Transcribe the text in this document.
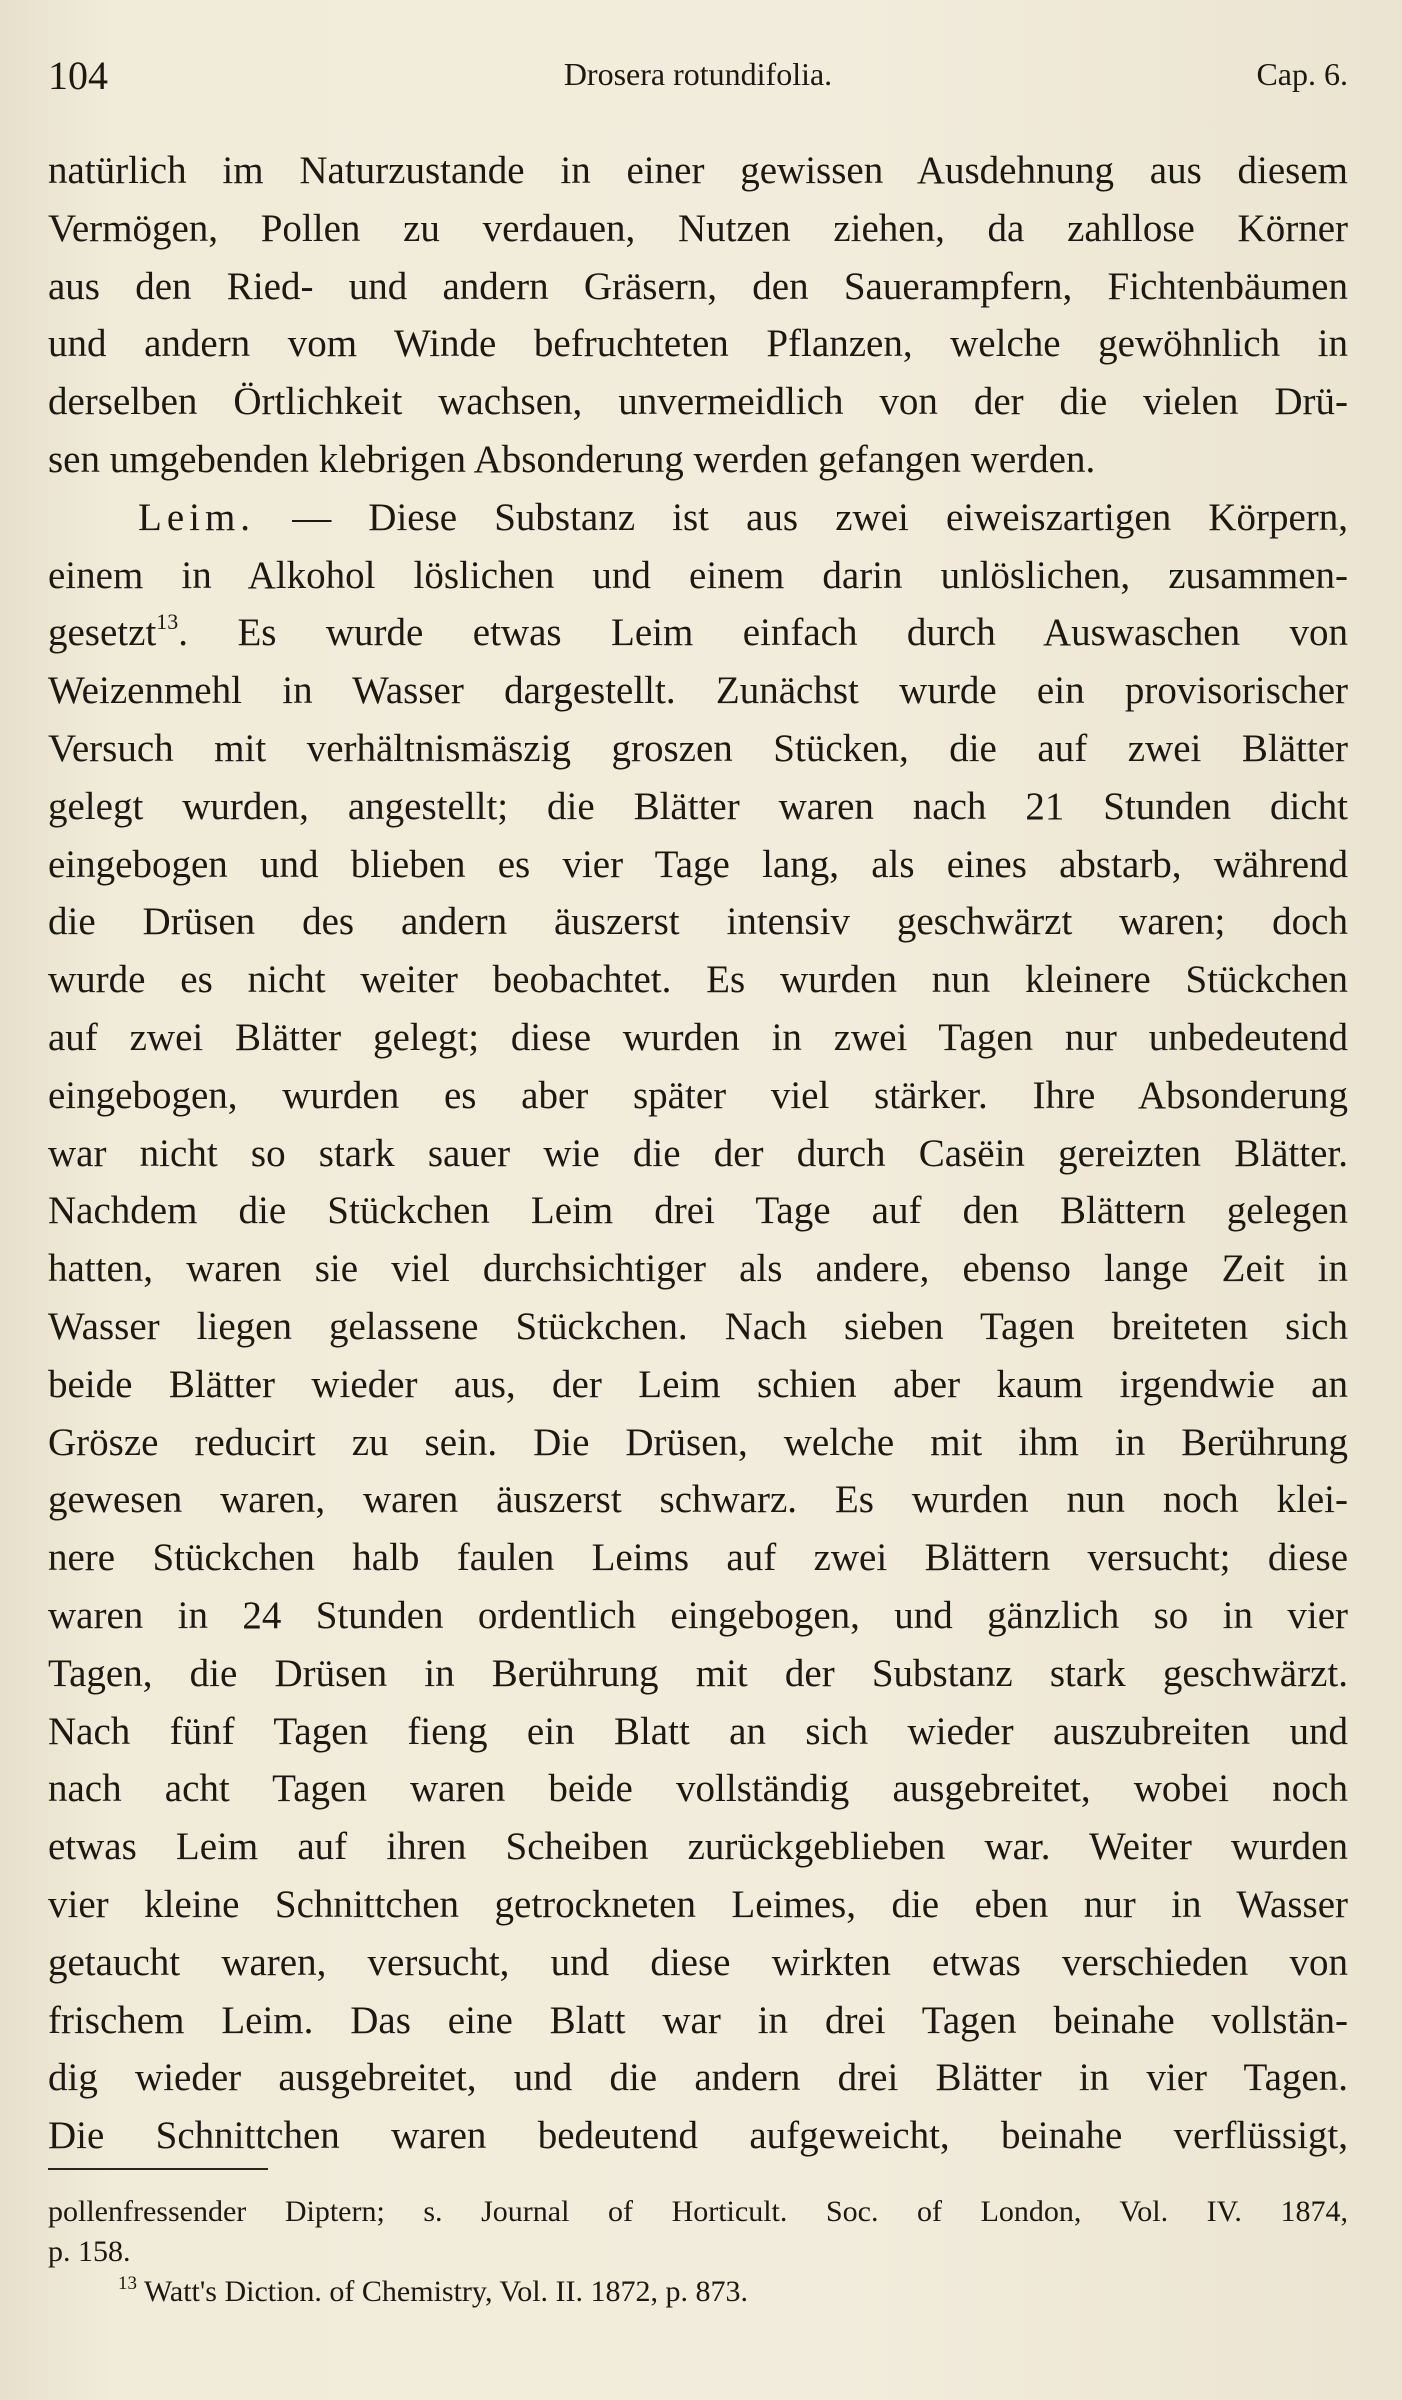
104	Drosera rotundifolia.	Cap. 6.
natürlich im Naturzustande in einer gewissen Ausdehnung aus diesem
Vermögen, Pollen zu verdauen, Nutzen ziehen, da zahllose Körner
aus den Ried- und andern Gräsern, den Sauerampfern, Fichtenbäumen
und andern vom Winde befruchteten Pflanzen, welche gewöhnlich in
derselben Örtlichkeit wachsen, unvermeidlich von der die vielen Drü-
sen umgebenden klebrigen Absonderung werden gefangen werden.
Leim. — Diese Substanz ist aus zwei eiweiszartigen Körpern,
einem in Alkohol löslichen und einem darin unlöslichen, zusammen-
gesetzt$^{13}$. Es wurde etwas Leim einfach durch Auswaschen von
Weizenmehl in Wasser dargestellt. Zunächst wurde ein provisorischer
Versuch mit verhältnismäszig groszen Stücken, die auf zwei Blätter
gelegt wurden, angestellt; die Blätter waren nach 21 Stunden dicht
eingebogen und blieben es vier Tage lang, als eines abstarb, während
die Drüsen des andern äuszerst intensiv geschwärzt waren; doch
wurde es nicht weiter beobachtet. Es wurden nun kleinere Stückchen
auf zwei Blätter gelegt; diese wurden in zwei Tagen nur unbedeutend
eingebogen, wurden es aber später viel stärker. Ihre Absonderung
war nicht so stark sauer wie die der durch Casëin gereizten Blätter.
Nachdem die Stückchen Leim drei Tage auf den Blättern gelegen
hatten, waren sie viel durchsichtiger als andere, ebenso lange Zeit in
Wasser liegen gelassene Stückchen. Nach sieben Tagen breiteten sich
beide Blätter wieder aus, der Leim schien aber kaum irgendwie an
Grösze reducirt zu sein. Die Drüsen, welche mit ihm in Berührung
gewesen waren, waren äuszerst schwarz. Es wurden nun noch klei-
nere Stückchen halb faulen Leims auf zwei Blättern versucht; diese
waren in 24 Stunden ordentlich eingebogen, und gänzlich so in vier
Tagen, die Drüsen in Berührung mit der Substanz stark geschwärzt.
Nach fünf Tagen fieng ein Blatt an sich wieder auszubreiten und
nach acht Tagen waren beide vollständig ausgebreitet, wobei noch
etwas Leim auf ihren Scheiben zurückgeblieben war. Weiter wurden
vier kleine Schnittchen getrockneten Leimes, die eben nur in Wasser
getaucht waren, versucht, und diese wirkten etwas verschieden von
frischem Leim. Das eine Blatt war in drei Tagen beinahe vollstän-
dig wieder ausgebreitet, und die andern drei Blätter in vier Tagen.
Die Schnittchen waren bedeutend aufgeweicht, beinahe verflüssigt,
pollenfressender Diptern; s. Journal of Horticult. Soc. of London, Vol. IV. 1874,
p. 158.
$^{13}$ Watt's Diction. of Chemistry, Vol. II. 1872, p. 873.
